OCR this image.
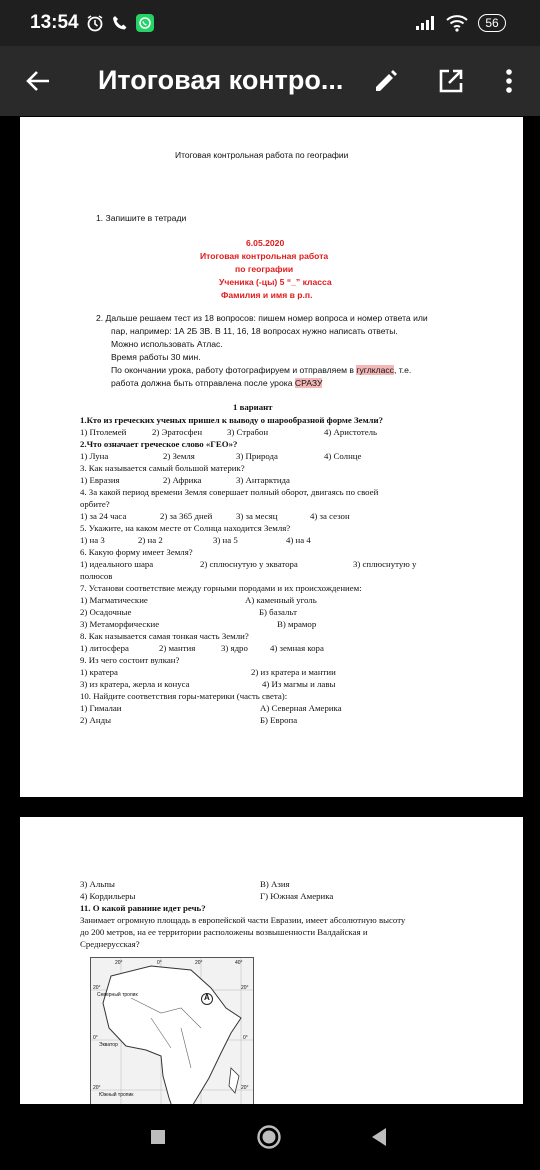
13:54	56
Итоговая контро...
Итоговая контрольная работа по географии
1. Запишите в тетради
6.05.2020
Итоговая контрольная работа
по географии
Ученика (-цы) 5 “_” класса
Фамилия и имя в р.п.
2. Дальше решаем тест из 18 вопросов: пишем номер вопроса и номер ответа или
пар, например: 1А 2Б 3В. В 11, 16, 18 вопросах нужно написать ответы.
Можно использовать Атлас.
Время работы 30 мин.
По окончании урока, работу фотографируем и отправляем в гуглкласс, т.е.
работа должна быть отправлена после урока СРАЗУ
1 вариант
1.Кто из греческих ученых пришел к выводу о шарообразной форме Земли?
1) Птолемей	2) Эратосфен	3) Страбон	4) Аристотель
2.Что означает греческое слово «ГЕО»?
1) Луна	2) Земля	3) Природа	4) Солнце
3. Как называется самый большой материк?
1) Евразия	2) Африка	3) Антарктида
4. За какой период времени Земля совершает полный оборот, двигаясь по своей
орбите?
1) за 24 часа	2) за 365 дней	3) за месяц	4) за сезон
5. Укажите, на каком месте от Солнца находится Земля?
1) на 3	2) на 2	3) на 5	4) на 4
6. Какую форму имеет Земля?
1) идеального шара	2) сплюснутую у экватора	3) сплюснутую у
полюсов
7. Установи соответствие между горными породами и их происхождением:
1) Магматические	А) каменный уголь
2) Осадочные	Б) базальт
3) Метаморфические	В) мрамор
8. Как называется самая тонкая часть Земли?
1) литосфера	2) мантия	3) ядро	4) земная кора
9. Из чего состоит вулкан?
1) кратера	2) из кратера и мантии
3) из кратера, жерла и конуса	4) Из магмы и лавы
10. Найдите соответствия горы-материки (часть света):
1) Гималаи	А) Северная Америка
2) Анды	Б) Европа
3) Альпы	В) Азия
4) Кордильеры	Г) Южная Америка
11. О какой равнине идет речь?
Занимает огромную площадь в европейской части Евразии, имеет абсолютную высоту
до 200 метров, на ее территории расположены возвышенности Валдайская и
Среднерусская?
А
20°	0°	20°	40°
20°
0°
20°
20°
0°
20°
Северный тропик
Экватор
Южный тропик
